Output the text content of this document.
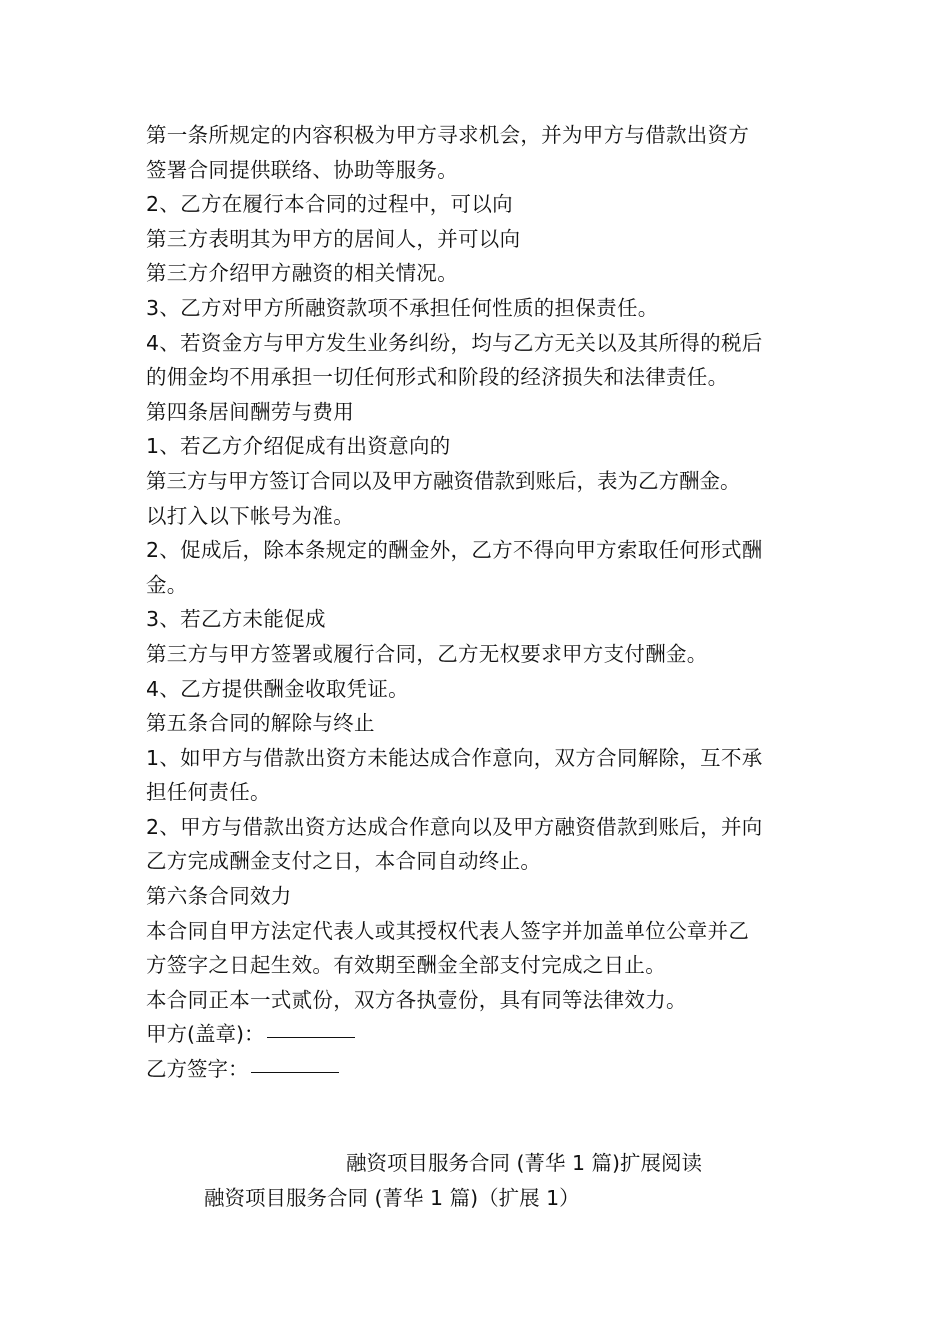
第一条所规定的内容积极为甲方寻求机会，并为甲方与借款出资方
签署合同提供联络、协助等服务。
2、乙方在履行本合同的过程中，可以向
第三方表明其为甲方的居间人，并可以向
第三方介绍甲方融资的相关情况。
3、乙方对甲方所融资款项不承担任何性质的担保责任。
4、若资金方与甲方发生业务纠纷，均与乙方无关以及其所得的税后
的佣金均不用承担一切任何形式和阶段的经济损失和法律责任。
第四条居间酬劳与费用
1、若乙方介绍促成有出资意向的
第三方与甲方签订合同以及甲方融资借款到账后，表为乙方酬金。
以打入以下帐号为准。
2、促成后，除本条规定的酬金外，乙方不得向甲方索取任何形式酬
金。
3、若乙方未能促成
第三方与甲方签署或履行合同，乙方无权要求甲方支付酬金。
4、乙方提供酬金收取凭证。
第五条合同的解除与终止
1、如甲方与借款出资方未能达成合作意向，双方合同解除，互不承
担任何责任。
2、甲方与借款出资方达成合作意向以及甲方融资借款到账后，并向
乙方完成酬金支付之日，本合同自动终止。
第六条合同效力
本合同自甲方法定代表人或其授权代表人签字并加盖单位公章并乙
方签字之日起生效。有效期至酬金全部支付完成之日止。
本合同正本一式贰份，双方各执壹份，具有同等法律效力。
甲方(盖章)：
乙方签字：
融资项目服务合同 (菁华 1 篇)扩展阅读
融资项目服务合同 (菁华 1 篇)（扩展 1）
